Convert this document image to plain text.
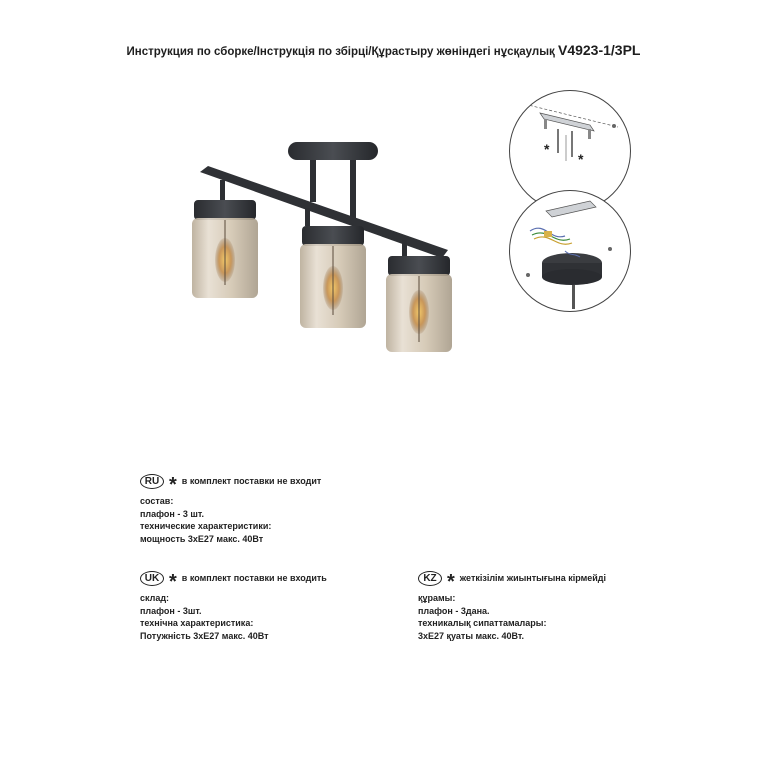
Инструкция по сборке/Інструкція по збірці/Құрастыру жөніндегі нұсқаулық V4923-1/3PL
*
*
RU * в комплект поставки не входит
состав:
плафон - 3 шт.
технические характеристики:
мощность 3хЕ27 макс. 40Вт
UK * в комплект поставки не входить
склад:
плафон - 3шт.
технічна характеристика:
Потужність 3хЕ27 макс. 40Вт
KZ * жеткізілім жиынтығына кірмейді
құрамы:
плафон - 3дана.
техникалық сипаттамалары:
3хЕ27 қуаты макс. 40Вт.
